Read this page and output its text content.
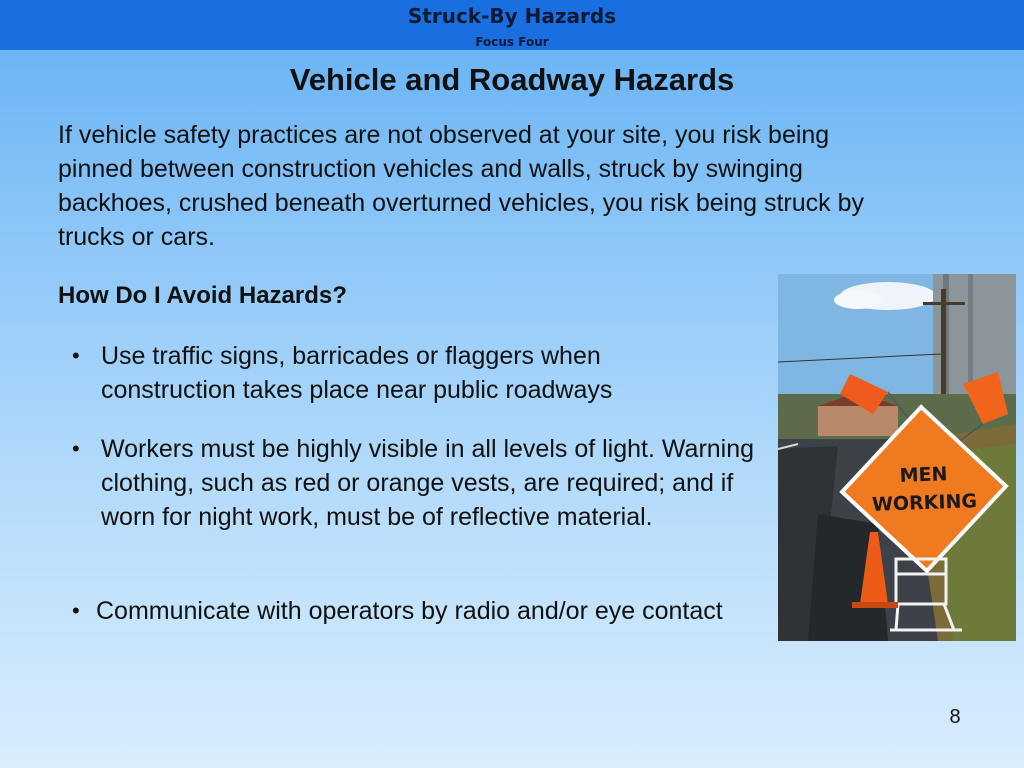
Struck-By Hazards
Focus Four
Vehicle and Roadway Hazards
If vehicle safety practices are not observed at your site, you risk being pinned between construction vehicles and walls, struck by swinging backhoes, crushed beneath overturned vehicles, you risk being struck by trucks or cars.
How Do I Avoid Hazards?
• Use traffic signs, barricades or flaggers when construction takes place near public roadways
• Workers must be highly visible in all levels of light. Warning clothing, such as red or orange vests, are required; and if worn for night work, must be of reflective material.
• Communicate with operators by radio and/or eye contact
MEN
WORKING
8
